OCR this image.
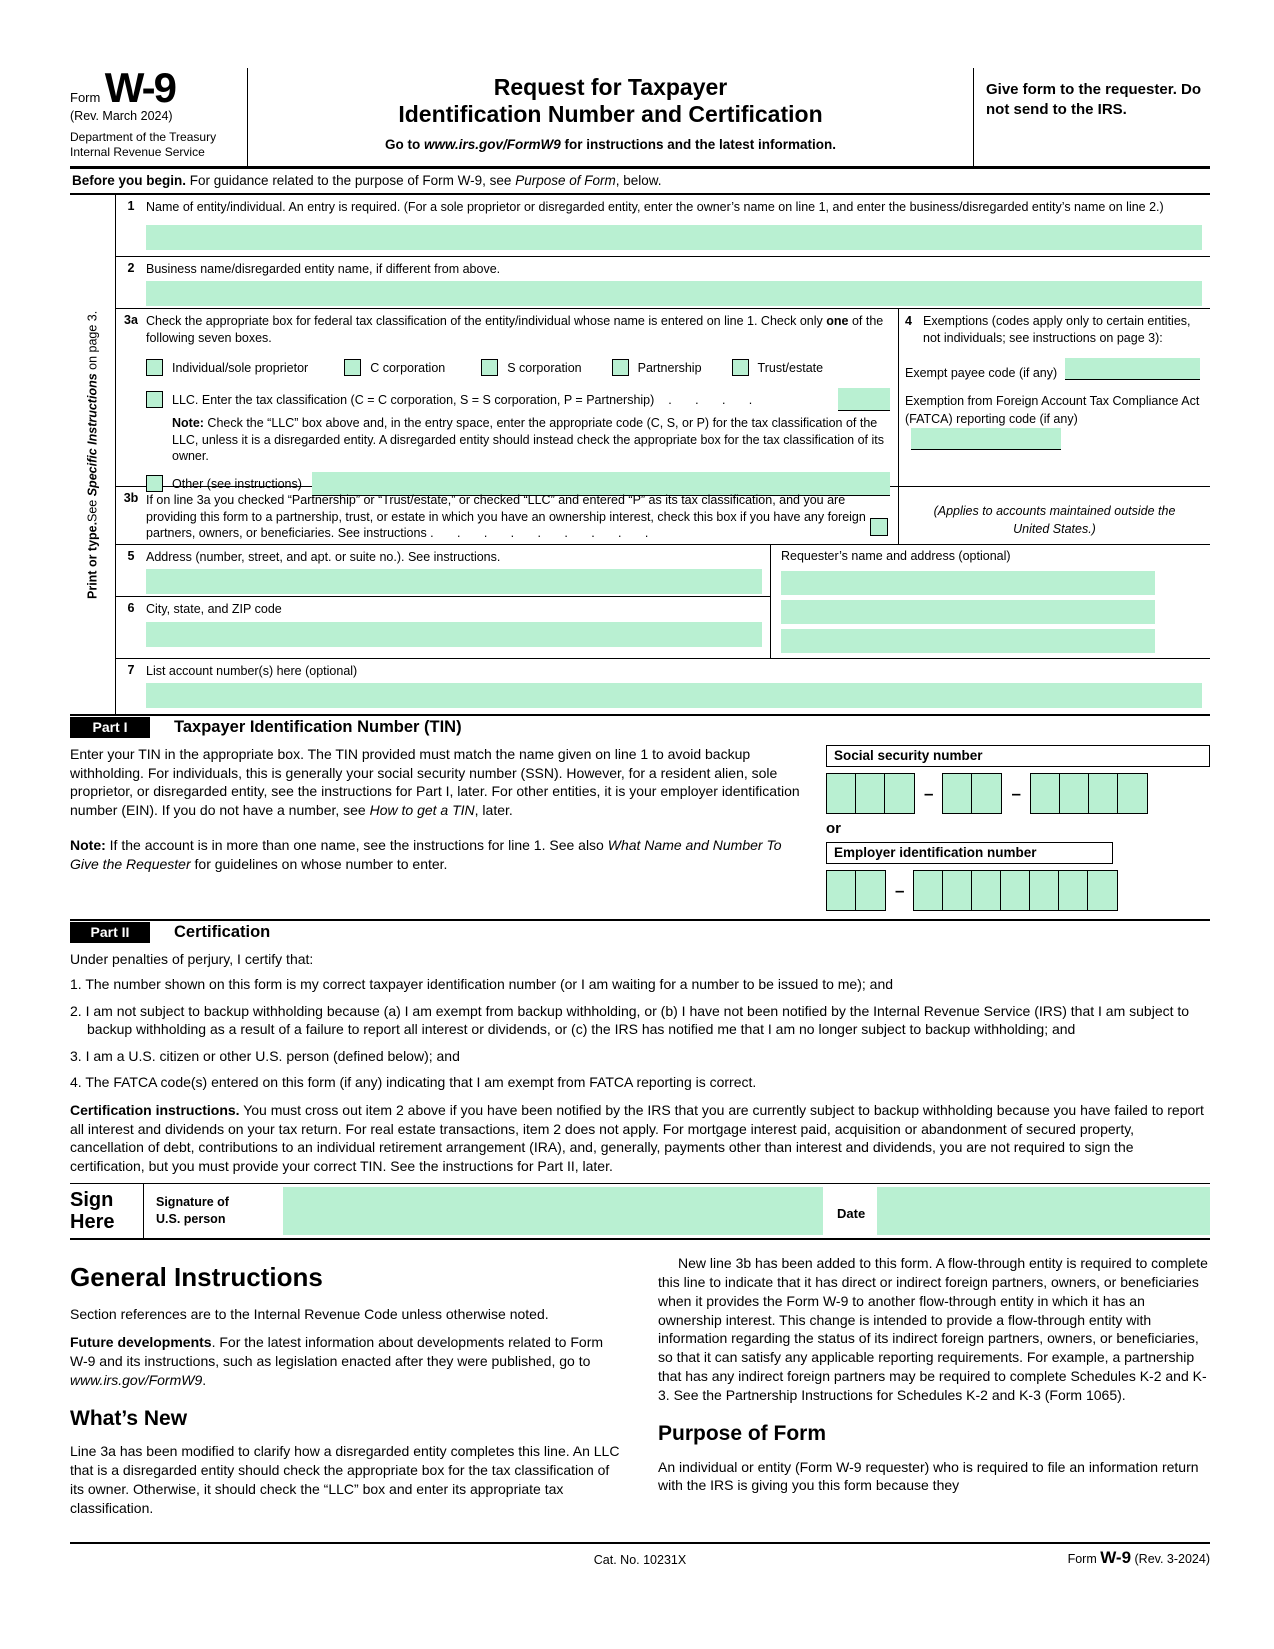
Form W-9
(Rev. March 2024)
Department of the Treasury
Internal Revenue Service
Request for Taxpayer
Identification Number and Certification
Go to www.irs.gov/FormW9 for instructions and the latest information.
Give form to the requester. Do not send to the IRS.
Before you begin. For guidance related to the purpose of Form W-9, see Purpose of Form, below.
Print or type.
See Specific Instructions on page 3.
1 Name of entity/individual. An entry is required. (For a sole proprietor or disregarded entity, enter the owner’s name on line 1, and enter the business/disregarded entity’s name on line 2.)
2 Business name/disregarded entity name, if different from above.
3a Check the appropriate box for federal tax classification of the entity/individual whose name is entered on line 1. Check only one of the following seven boxes.
Individual/sole proprietor	C corporation	S corporation	Partnership	Trust/estate
LLC. Enter the tax classification (C = C corporation, S = S corporation, P = Partnership) .     .     .     .
Note: Check the “LLC” box above and, in the entry space, enter the appropriate code (C, S, or P) for the tax classification of the LLC, unless it is a disregarded entity. A disregarded entity should instead check the appropriate box for the tax classification of its owner.
Other (see instructions)
3b If on line 3a you checked “Partnership” or “Trust/estate,” or checked “LLC” and entered “P” as its tax classification, and you are providing this form to a partnership, trust, or estate in which you have an ownership interest, check this box if you have any foreign partners, owners, or beneficiaries. See instructions .     .     .     .     .     .     .     .     .
4 Exemptions (codes apply only to certain entities, not individuals; see instructions on page 3):
Exempt payee code (if any)
Exemption from Foreign Account Tax Compliance Act (FATCA) reporting code (if any)
(Applies to accounts maintained outside the United States.)
5 Address (number, street, and apt. or suite no.). See instructions.
6 City, state, and ZIP code
Requester’s name and address (optional)
7 List account number(s) here (optional)
Part I	Taxpayer Identification Number (TIN)
Enter your TIN in the appropriate box. The TIN provided must match the name given on line 1 to avoid backup withholding. For individuals, this is generally your social security number (SSN). However, for a resident alien, sole proprietor, or disregarded entity, see the instructions for Part I, later. For other entities, it is your employer identification number (EIN). If you do not have a number, see How to get a TIN, later.
Note: If the account is in more than one name, see the instructions for line 1. See also What Name and Number To Give the Requester for guidelines on whose number to enter.
Social security number
–	–
or
Employer identification number
–
Part II	Certification
Under penalties of perjury, I certify that:
1. The number shown on this form is my correct taxpayer identification number (or I am waiting for a number to be issued to me); and
2. I am not subject to backup withholding because (a) I am exempt from backup withholding, or (b) I have not been notified by the Internal Revenue Service (IRS) that I am subject to backup withholding as a result of a failure to report all interest or dividends, or (c) the IRS has notified me that I am no longer subject to backup withholding; and
3. I am a U.S. citizen or other U.S. person (defined below); and
4. The FATCA code(s) entered on this form (if any) indicating that I am exempt from FATCA reporting is correct.
Certification instructions. You must cross out item 2 above if you have been notified by the IRS that you are currently subject to backup withholding because you have failed to report all interest and dividends on your tax return. For real estate transactions, item 2 does not apply. For mortgage interest paid, acquisition or abandonment of secured property, cancellation of debt, contributions to an individual retirement arrangement (IRA), and, generally, payments other than interest and dividends, you are not required to sign the certification, but you must provide your correct TIN. See the instructions for Part II, later.
Sign
Here
Signature of
U.S. person	Date
General Instructions

Section references are to the Internal Revenue Code unless otherwise noted.

Future developments. For the latest information about developments related to Form W-9 and its instructions, such as legislation enacted after they were published, go to www.irs.gov/FormW9.

What’s New

Line 3a has been modified to clarify how a disregarded entity completes this line. An LLC that is a disregarded entity should check the appropriate box for the tax classification of its owner. Otherwise, it should check the “LLC” box and enter its appropriate tax classification.

New line 3b has been added to this form. A flow-through entity is required to complete this line to indicate that it has direct or indirect foreign partners, owners, or beneficiaries when it provides the Form W-9 to another flow-through entity in which it has an ownership interest. This change is intended to provide a flow-through entity with information regarding the status of its indirect foreign partners, owners, or beneficiaries, so that it can satisfy any applicable reporting requirements. For example, a partnership that has any indirect foreign partners may be required to complete Schedules K-2 and K-3. See the Partnership Instructions for Schedules K-2 and K-3 (Form 1065).

Purpose of Form

An individual or entity (Form W-9 requester) who is required to file an information return with the IRS is giving you this form because they

Cat. No. 10231X	Form W-9 (Rev. 3-2024)
